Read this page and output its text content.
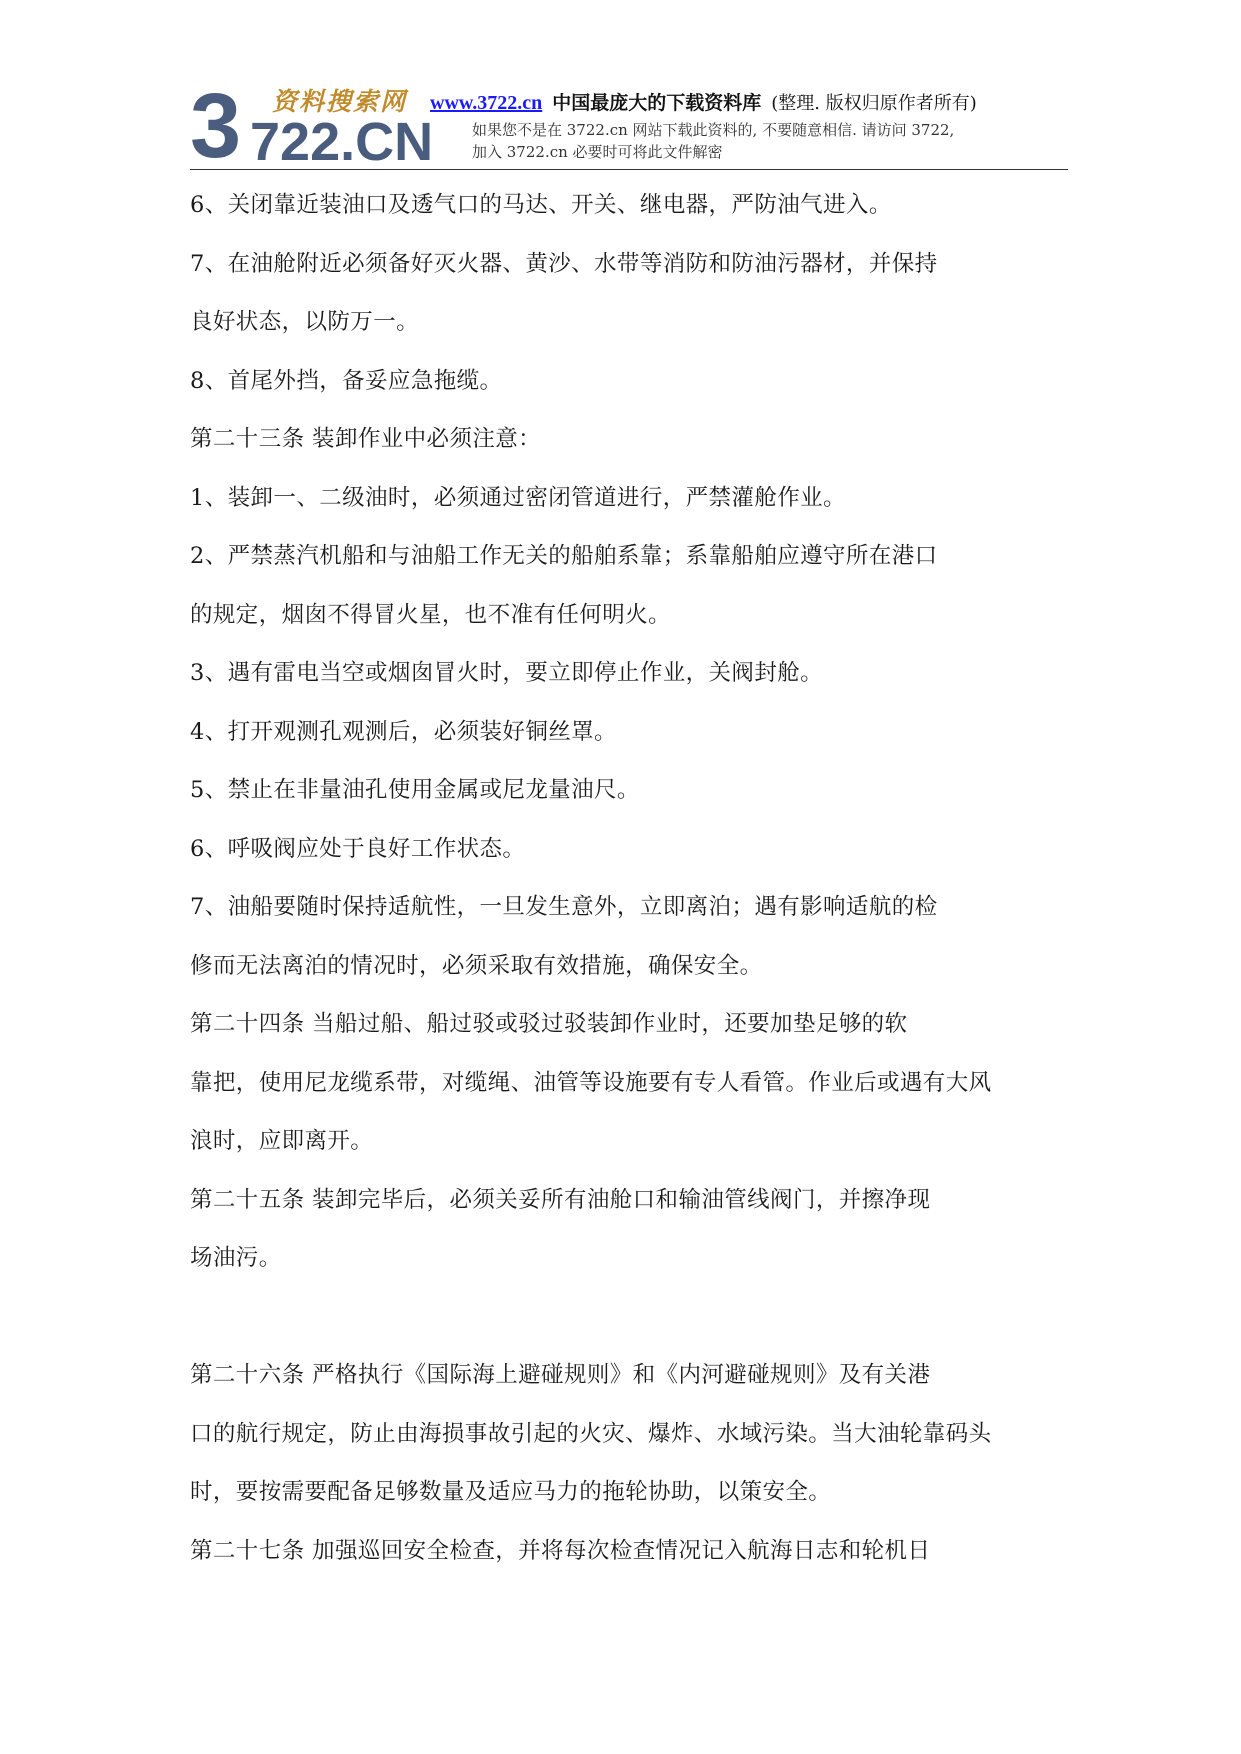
3 资料搜索网
722.CN
www.3722.cn 中国最庞大的下载资料库 (整理. 版权归原作者所有)
如果您不是在 3722.cn 网站下载此资料的, 不要随意相信. 请访问 3722,
加入 3722.cn 必要时可将此文件解密
6、关闭靠近装油口及透气口的马达、开关、继电器，严防油气进入。
7、在油舱附近必须备好灭火器、黄沙、水带等消防和防油污器材，并保持
良好状态，以防万一。
8、首尾外挡，备妥应急拖缆。
第二十三条 装卸作业中必须注意：
1、装卸一、二级油时，必须通过密闭管道进行，严禁灌舱作业。
2、严禁蒸汽机船和与油船工作无关的船舶系靠；系靠船舶应遵守所在港口
的规定，烟囱不得冒火星，也不准有任何明火。
3、遇有雷电当空或烟囱冒火时，要立即停止作业，关阀封舱。
4、打开观测孔观测后，必须装好铜丝罩。
5、禁止在非量油孔使用金属或尼龙量油尺。
6、呼吸阀应处于良好工作状态。
7、油船要随时保持适航性，一旦发生意外，立即离泊；遇有影响适航的检
修而无法离泊的情况时，必须采取有效措施，确保安全。
第二十四条 当船过船、船过驳或驳过驳装卸作业时，还要加垫足够的软
靠把，使用尼龙缆系带，对缆绳、油管等设施要有专人看管。作业后或遇有大风
浪时，应即离开。
第二十五条 装卸完毕后，必须关妥所有油舱口和输油管线阀门，并擦净现
场油污。
第二十六条 严格执行《国际海上避碰规则》和《内河避碰规则》及有关港
口的航行规定，防止由海损事故引起的火灾、爆炸、水域污染。当大油轮靠码头
时，要按需要配备足够数量及适应马力的拖轮协助，以策安全。
第二十七条 加强巡回安全检查，并将每次检查情况记入航海日志和轮机日
